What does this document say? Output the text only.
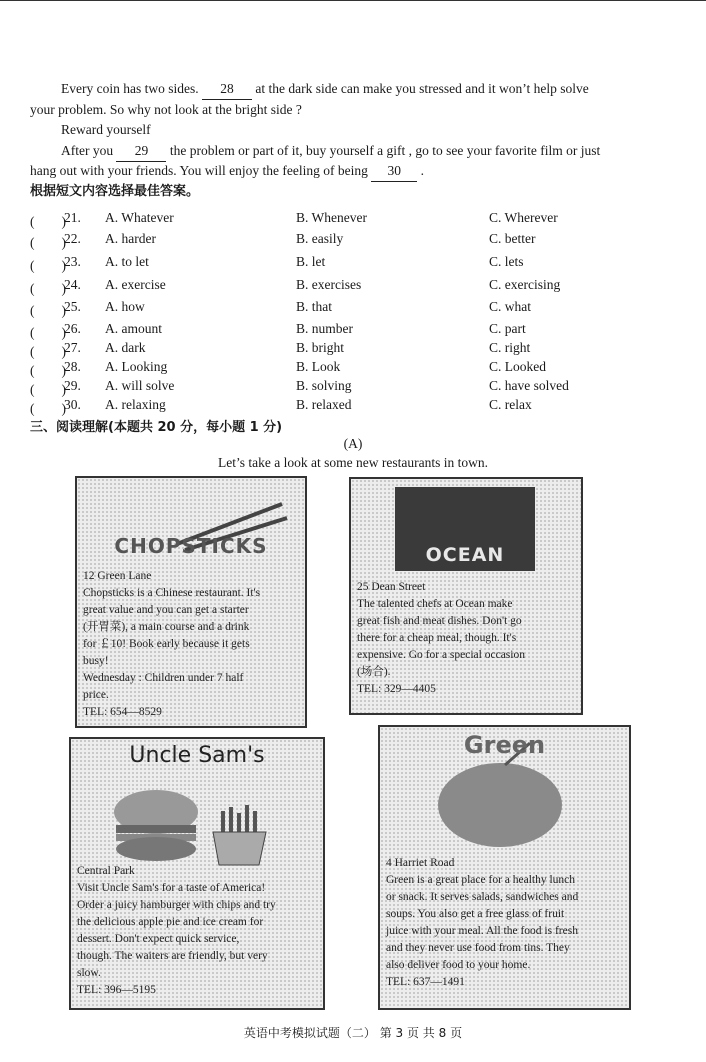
Every coin has two sides. 28 at the dark side can make you stressed and it won’t help solve
your problem. So why not look at the bright side ?
Reward yourself
After you 29 the problem or part of it, buy yourself a gift , go to see your favorite film or just
hang out with your friends. You will enjoy the feeling of being 30 .
根据短文内容选择最佳答案。
(　　)
21. A. Whatever	B. Whenever	C. Wherever
(　　)
22. A. harder	B. easily	C. better
(　　)
23. A. to let	B. let	C. lets
(　　)
24. A. exercise	B. exercises	C. exercising
(　　)
25. A. how	B. that	C. what
(　　)
26. A. amount	B. number	C. part
(　　)
27. A. dark	B. bright	C. right
(　　)
28. A. Looking	B. Look	C. Looked
(　　)
29. A. will solve	B. solving	C. have solved
(　　)
30. A. relaxing	B. relaxed	C. relax
三、阅读理解(本题共 20 分，每小题 1 分)
(A)
Let’s take a look at some new restaurants in town.
CHOPSTICKS

12 Green Lane

Chopsticks is a Chinese restaurant. It's

great value and you can get a starter

(开胃菜), a main course and a drink

for ￡10! Book early because it gets

busy!

Wednesday : Children under 7 half

price.

TEL: 654—8529

OCEAN

25 Dean Street

The talented chefs at Ocean make

great fish and meat dishes. Don't go

there for a cheap meal, though. It's

expensive. Go for a special occasion

(场合).

TEL: 329—4405

Uncle Sam's

Central Park

Visit Uncle Sam's for a taste of America!

Order a juicy hamburger with chips and try

the delicious apple pie and ice cream for

dessert. Don't expect quick service,

though. The waiters are friendly, but very

slow.

TEL: 396—5195

Green

4 Harriet Road

Green is a great place for a healthy lunch

or snack. It serves salads, sandwiches and

soups. You also get a free glass of fruit

juice with your meal. All the food is fresh

and they never use food from tins. They

also deliver food to your home.

TEL: 637—1491

英语中考模拟试题（二） 第 3 页 共 8 页
